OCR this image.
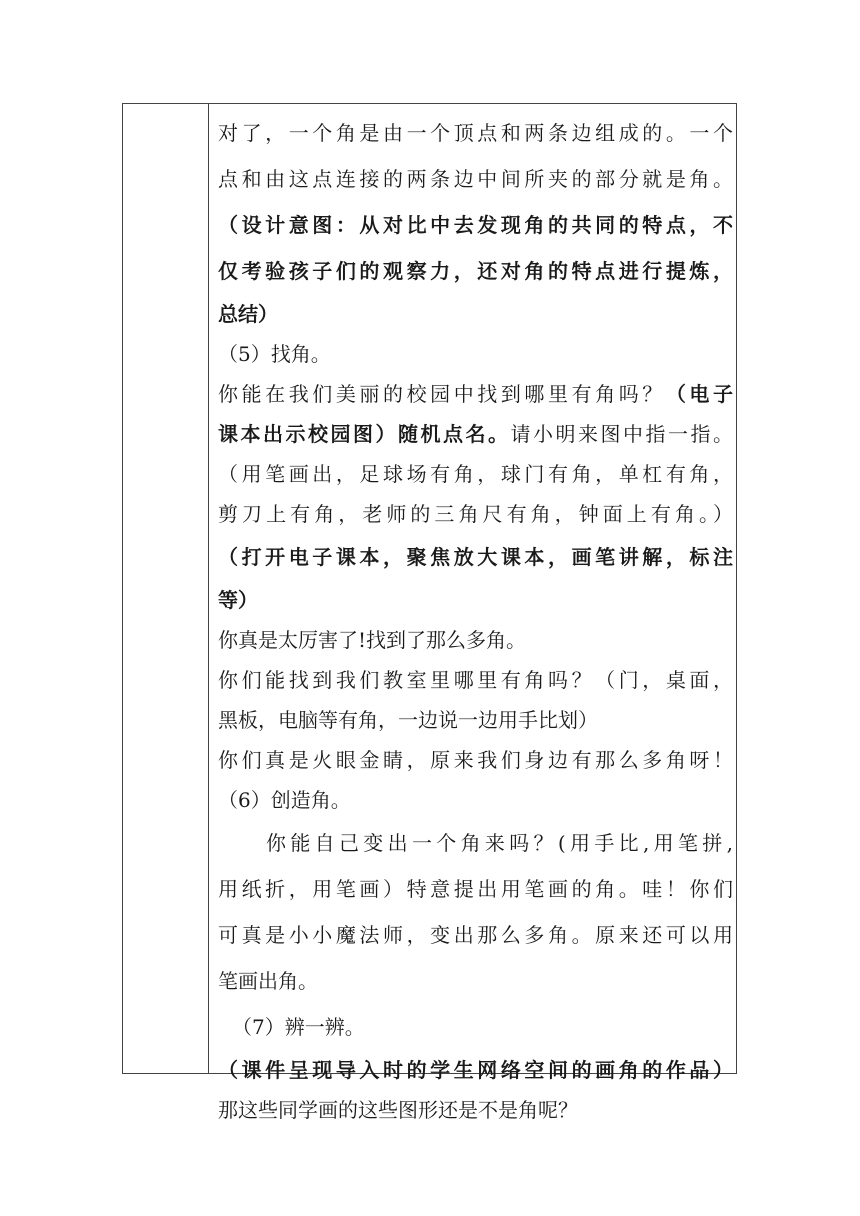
对了，一个角是由一个顶点和两条边组成的。一个
点和由这点连接的两条边中间所夹的部分就是角。
（设计意图：从对比中去发现角的共同的特点，不
仅考验孩子们的观察力，还对角的特点进行提炼，
总结）
（5）找角。
你能在我们美丽的校园中找到哪里有角吗？（电子
课本出示校园图）随机点名。请小明来图中指一指。
（用笔画出，足球场有角，球门有角，单杠有角，
剪刀上有角，老师的三角尺有角，钟面上有角。）
（打开电子课本，聚焦放大课本，画笔讲解，标注
等）
你真是太厉害了!找到了那么多角。
你们能找到我们教室里哪里有角吗？（门，桌面，
黑板，电脑等有角，一边说一边用手比划）
你们真是火眼金睛，原来我们身边有那么多角呀！
（6）创造角。
你能自己变出一个角来吗？(用手比,用笔拼,
用纸折，用笔画）特意提出用笔画的角。哇！你们
可真是小小魔法师，变出那么多角。原来还可以用
笔画出角。
（7）辨一辨。
（课件呈现导入时的学生网络空间的画角的作品）
那这些同学画的这些图形还是不是角呢？
